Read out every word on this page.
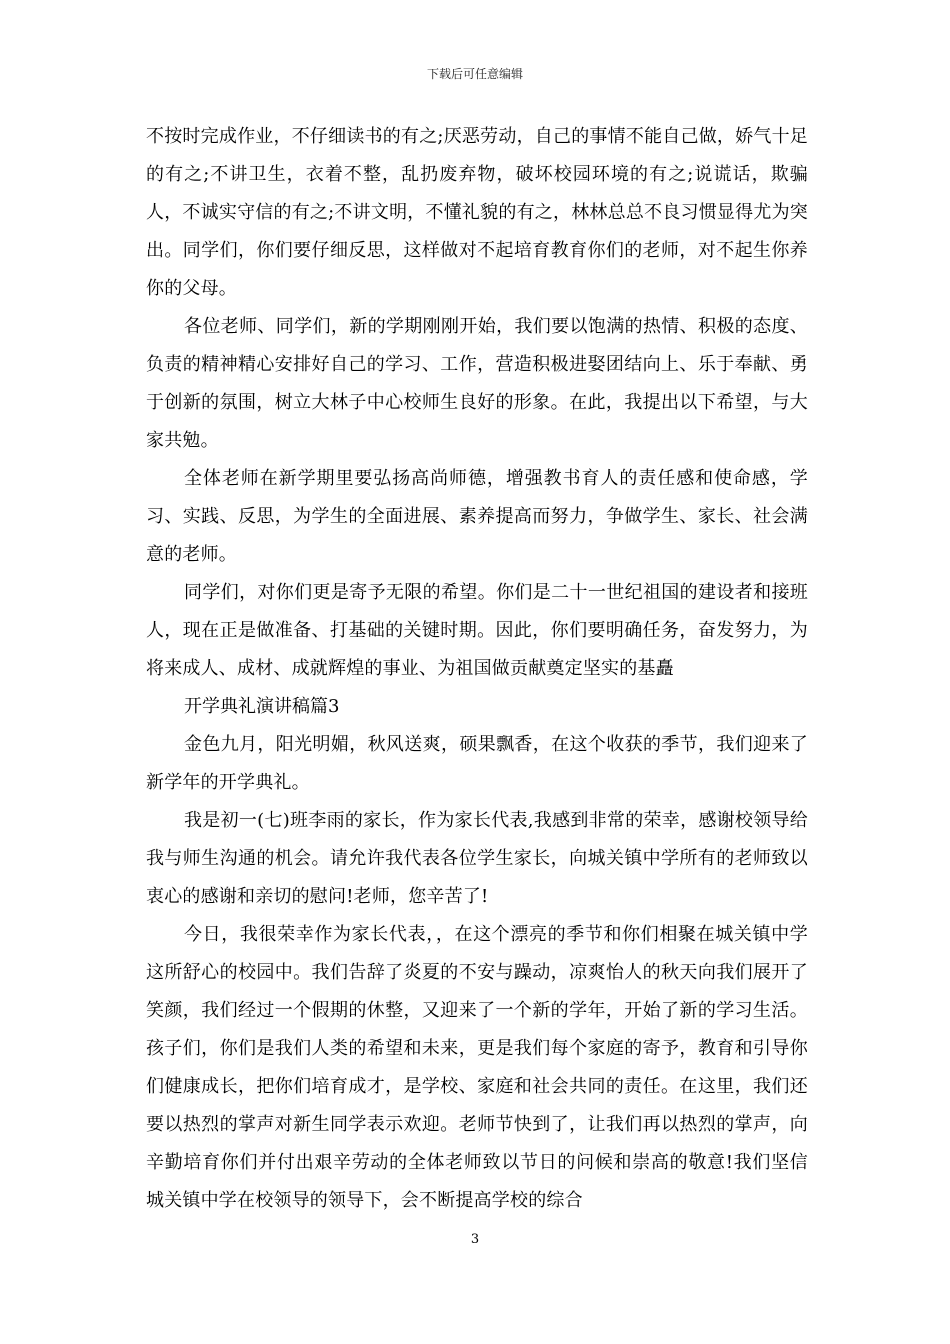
下载后可任意编辑

不按时完成作业，不仔细读书的有之;厌恶劳动，自己的事情不能自己做，娇气十足的有之;不讲卫生，衣着不整，乱扔废弃物，破坏校园环境的有之;说谎话，欺骗人，不诚实守信的有之;不讲文明，不懂礼貌的有之，林林总总不良习惯显得尤为突出。同学们，你们要仔细反思，这样做对不起培育教育你们的老师，对不起生你养你的父母。

各位老师、同学们，新的学期刚刚开始，我们要以饱满的热情、积极的态度、负责的精神精心安排好自己的学习、工作，营造积极进娶团结向上、乐于奉献、勇于创新的氛围，树立大林子中心校师生良好的形象。在此，我提出以下希望，与大家共勉。

全体老师在新学期里要弘扬高尚师德，增强教书育人的责任感和使命感，学习、实践、反思，为学生的全面进展、素养提高而努力，争做学生、家长、社会满意的老师。

同学们，对你们更是寄予无限的希望。你们是二十一世纪祖国的建设者和接班人，现在正是做准备、打基础的关键时期。因此，你们要明确任务，奋发努力，为将来成人、成材、成就辉煌的事业、为祖国做贡献奠定坚实的基矗

开学典礼演讲稿篇3

金色九月，阳光明媚，秋风送爽，硕果飘香，在这个收获的季节，我们迎来了新学年的开学典礼。

我是初一(七)班李雨的家长，作为家长代表,我感到非常的荣幸，感谢校领导给我与师生沟通的机会。请允许我代表各位学生家长，向城关镇中学所有的老师致以衷心的感谢和亲切的慰问!老师，您辛苦了!

今日，我很荣幸作为家长代表，，在这个漂亮的季节和你们相聚在城关镇中学这所舒心的校园中。我们告辞了炎夏的不安与躁动，凉爽怡人的秋天向我们展开了笑颜，我们经过一个假期的休整，又迎来了一个新的学年，开始了新的学习生活。孩子们，你们是我们人类的希望和未来，更是我们每个家庭的寄予，教育和引导你们健康成长，把你们培育成才，是学校、家庭和社会共同的责任。在这里，我们还要以热烈的掌声对新生同学表示欢迎。老师节快到了，让我们再以热烈的掌声，向辛勤培育你们并付出艰辛劳动的全体老师致以节日的问候和崇高的敬意!我们坚信城关镇中学在校领导的领导下，会不断提高学校的综合

3
